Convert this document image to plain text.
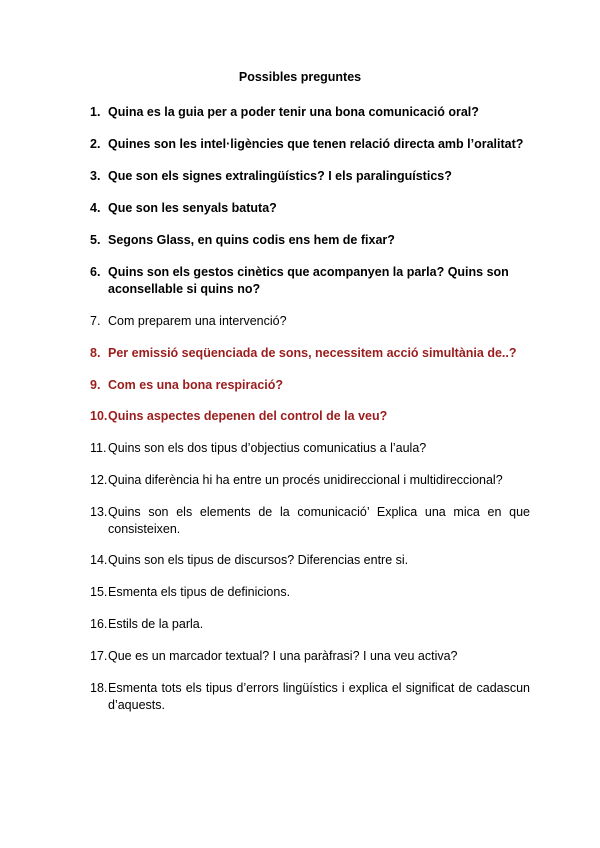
Possibles preguntes
1. Quina es la guia per a poder tenir una bona comunicació oral?
2. Quines son les intel·ligències que tenen relació directa amb l’oralitat?
3. Que son els signes extralingüístics? I els paralinguístics?
4. Que son les senyals batuta?
5. Segons Glass, en quins codis ens hem de fixar?
6. Quins son els gestos cinètics que acompanyen la parla? Quins son aconsellable si quins no?
7. Com preparem una intervenció?
8. Per emissió seqüenciada de sons, necessitem acció simultània de..?
9. Com es una bona respiració?
10. Quins aspectes depenen del control de la veu?
11. Quins son els dos tipus d’objectius comunicatius a l’aula?
12. Quina diferència hi ha entre un procés unidireccional i multidireccional?
13. Quins son els elements de la comunicació’ Explica una mica en que consisteixen.
14. Quins son els tipus de discursos? Diferencias entre si.
15. Esmenta els tipus de definicions.
16. Estils de la parla.
17. Que es un marcador textual? I una paràfrasi? I una veu activa?
18. Esmenta tots els tipus d’errors lingüístics i explica el significat de cadascun d’aquests.
